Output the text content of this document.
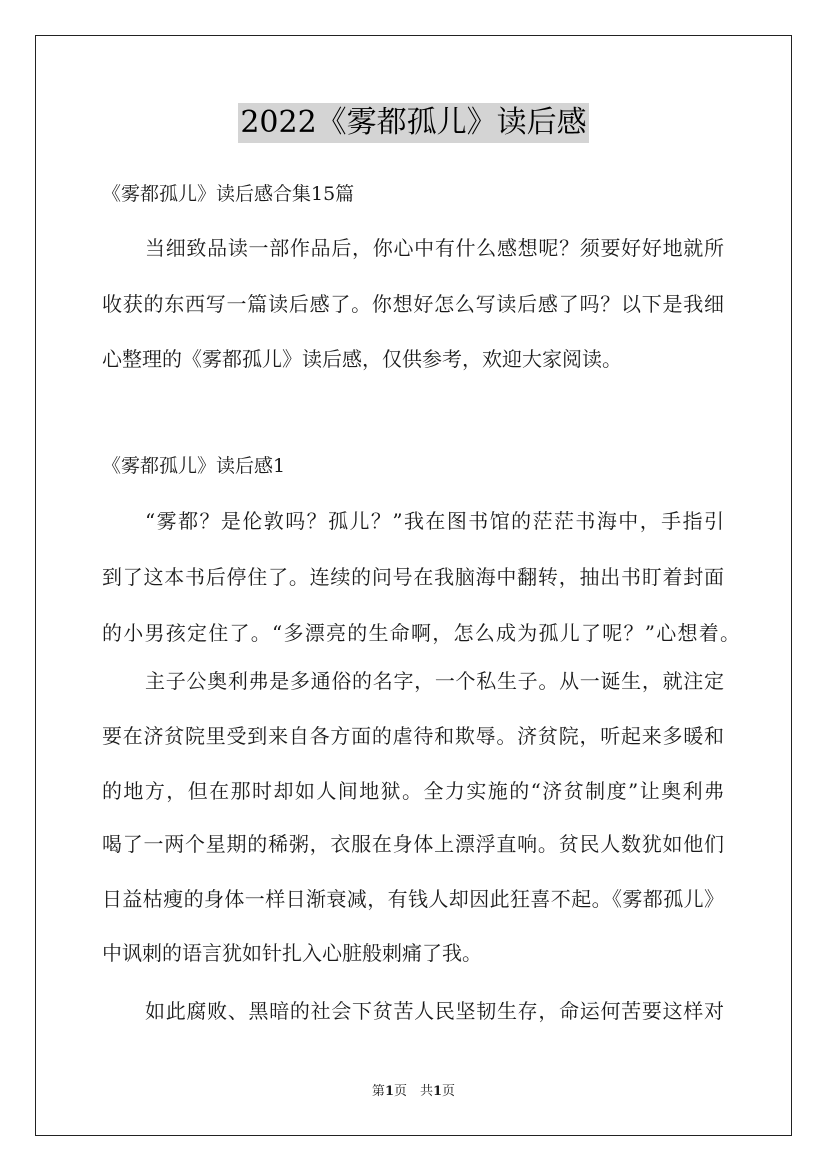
2022《雾都孤儿》读后感
《雾都孤儿》读后感合集15篇
当细致品读一部作品后，你心中有什么感想呢？须要好好地就所
收获的东西写一篇读后感了。你想好怎么写读后感了吗？以下是我细
心整理的《雾都孤儿》读后感，仅供参考，欢迎大家阅读。
《雾都孤儿》读后感1
“雾都？是伦敦吗？孤儿？”我在图书馆的茫茫书海中，手指引
到了这本书后停住了。连续的问号在我脑海中翻转，抽出书盯着封面
的小男孩定住了。“多漂亮的生命啊，怎么成为孤儿了呢？”心想着。
主子公奥利弗是多通俗的名字，一个私生子。从一诞生，就注定
要在济贫院里受到来自各方面的虐待和欺辱。济贫院，听起来多暖和
的地方，但在那时却如人间地狱。全力实施的“济贫制度”让奥利弗
喝了一两个星期的稀粥，衣服在身体上漂浮直响。贫民人数犹如他们
日益枯瘦的身体一样日渐衰减，有钱人却因此狂喜不起。《雾都孤儿》
中讽刺的语言犹如针扎入心脏般刺痛了我。
如此腐败、黑暗的社会下贫苦人民坚韧生存，命运何苦要这样对
第1页　共1页
